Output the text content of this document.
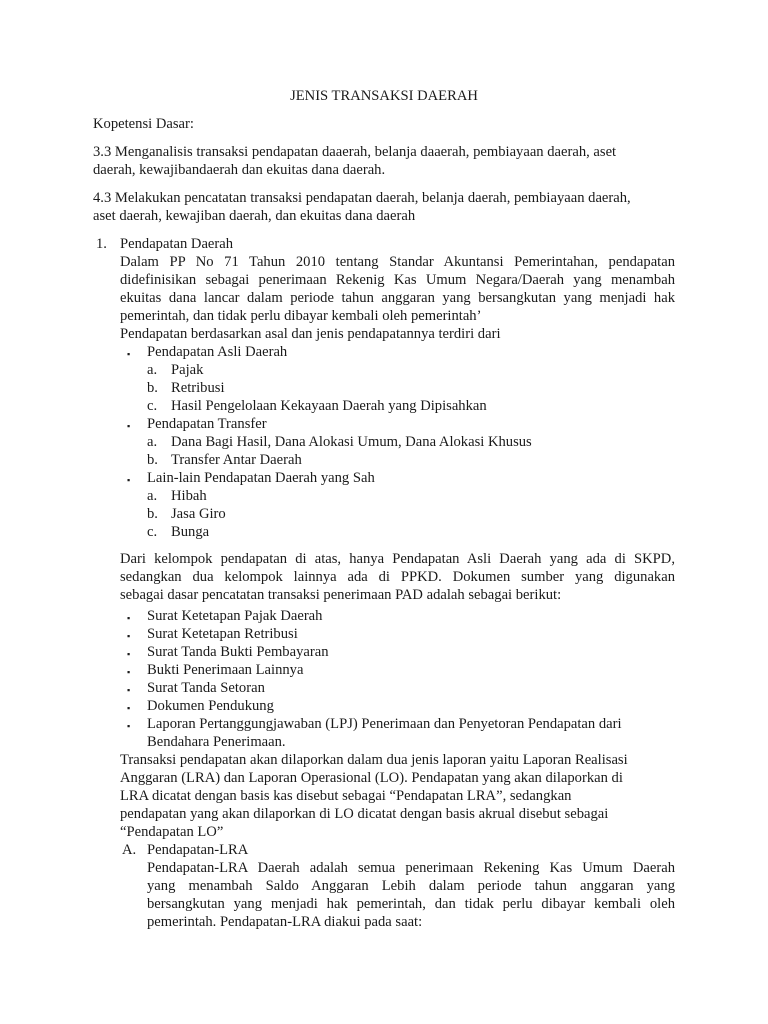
JENIS TRANSAKSI DAERAH
Kopetensi Dasar:
3.3 Menganalisis transaksi pendapatan daaerah, belanja daaerah, pembiayaan daerah, aset
daerah, kewajibandaerah dan ekuitas dana daerah.
4.3 Melakukan pencatatan transaksi pendapatan daerah, belanja daerah, pembiayaan daerah,
aset daerah, kewajiban daerah, dan ekuitas dana daerah
1. Pendapatan Daerah
Dalam PP No 71 Tahun 2010 tentang Standar Akuntansi Pemerintahan, pendapatan
didefinisikan sebagai penerimaan Rekenig Kas Umum Negara/Daerah yang menambah
ekuitas dana lancar dalam periode tahun anggaran yang bersangkutan yang menjadi hak
pemerintah, dan tidak perlu dibayar kembali oleh pemerintah’
Pendapatan berdasarkan asal dan jenis pendapatannya terdiri dari
▪ Pendapatan Asli Daerah
a. Pajak
b. Retribusi
c. Hasil Pengelolaan Kekayaan Daerah yang Dipisahkan
▪ Pendapatan Transfer
a. Dana Bagi Hasil, Dana Alokasi Umum, Dana Alokasi Khusus
b. Transfer Antar Daerah
▪ Lain-lain Pendapatan Daerah yang Sah
a. Hibah
b. Jasa Giro
c. Bunga
Dari kelompok pendapatan di atas, hanya Pendapatan Asli Daerah yang ada di SKPD,
sedangkan dua kelompok lainnya ada di PPKD. Dokumen sumber yang digunakan
sebagai dasar pencatatan transaksi penerimaan PAD adalah sebagai berikut:
▪ Surat Ketetapan Pajak Daerah
▪ Surat Ketetapan Retribusi
▪ Surat Tanda Bukti Pembayaran
▪ Bukti Penerimaan Lainnya
▪ Surat Tanda Setoran
▪ Dokumen Pendukung
▪ Laporan Pertanggungjawaban (LPJ) Penerimaan dan Penyetoran Pendapatan dari
Bendahara Penerimaan.
Transaksi pendapatan akan dilaporkan dalam dua jenis laporan yaitu Laporan Realisasi
Anggaran (LRA) dan Laporan Operasional (LO). Pendapatan yang akan dilaporkan di
LRA dicatat dengan basis kas disebut sebagai “Pendapatan LRA”, sedangkan
pendapatan yang akan dilaporkan di LO dicatat dengan basis akrual disebut sebagai
“Pendapatan LO”
A. Pendapatan-LRA
Pendapatan-LRA Daerah adalah semua penerimaan Rekening Kas Umum Daerah
yang menambah Saldo Anggaran Lebih dalam periode tahun anggaran yang
bersangkutan yang menjadi hak pemerintah, dan tidak perlu dibayar kembali oleh
pemerintah. Pendapatan-LRA diakui pada saat:
